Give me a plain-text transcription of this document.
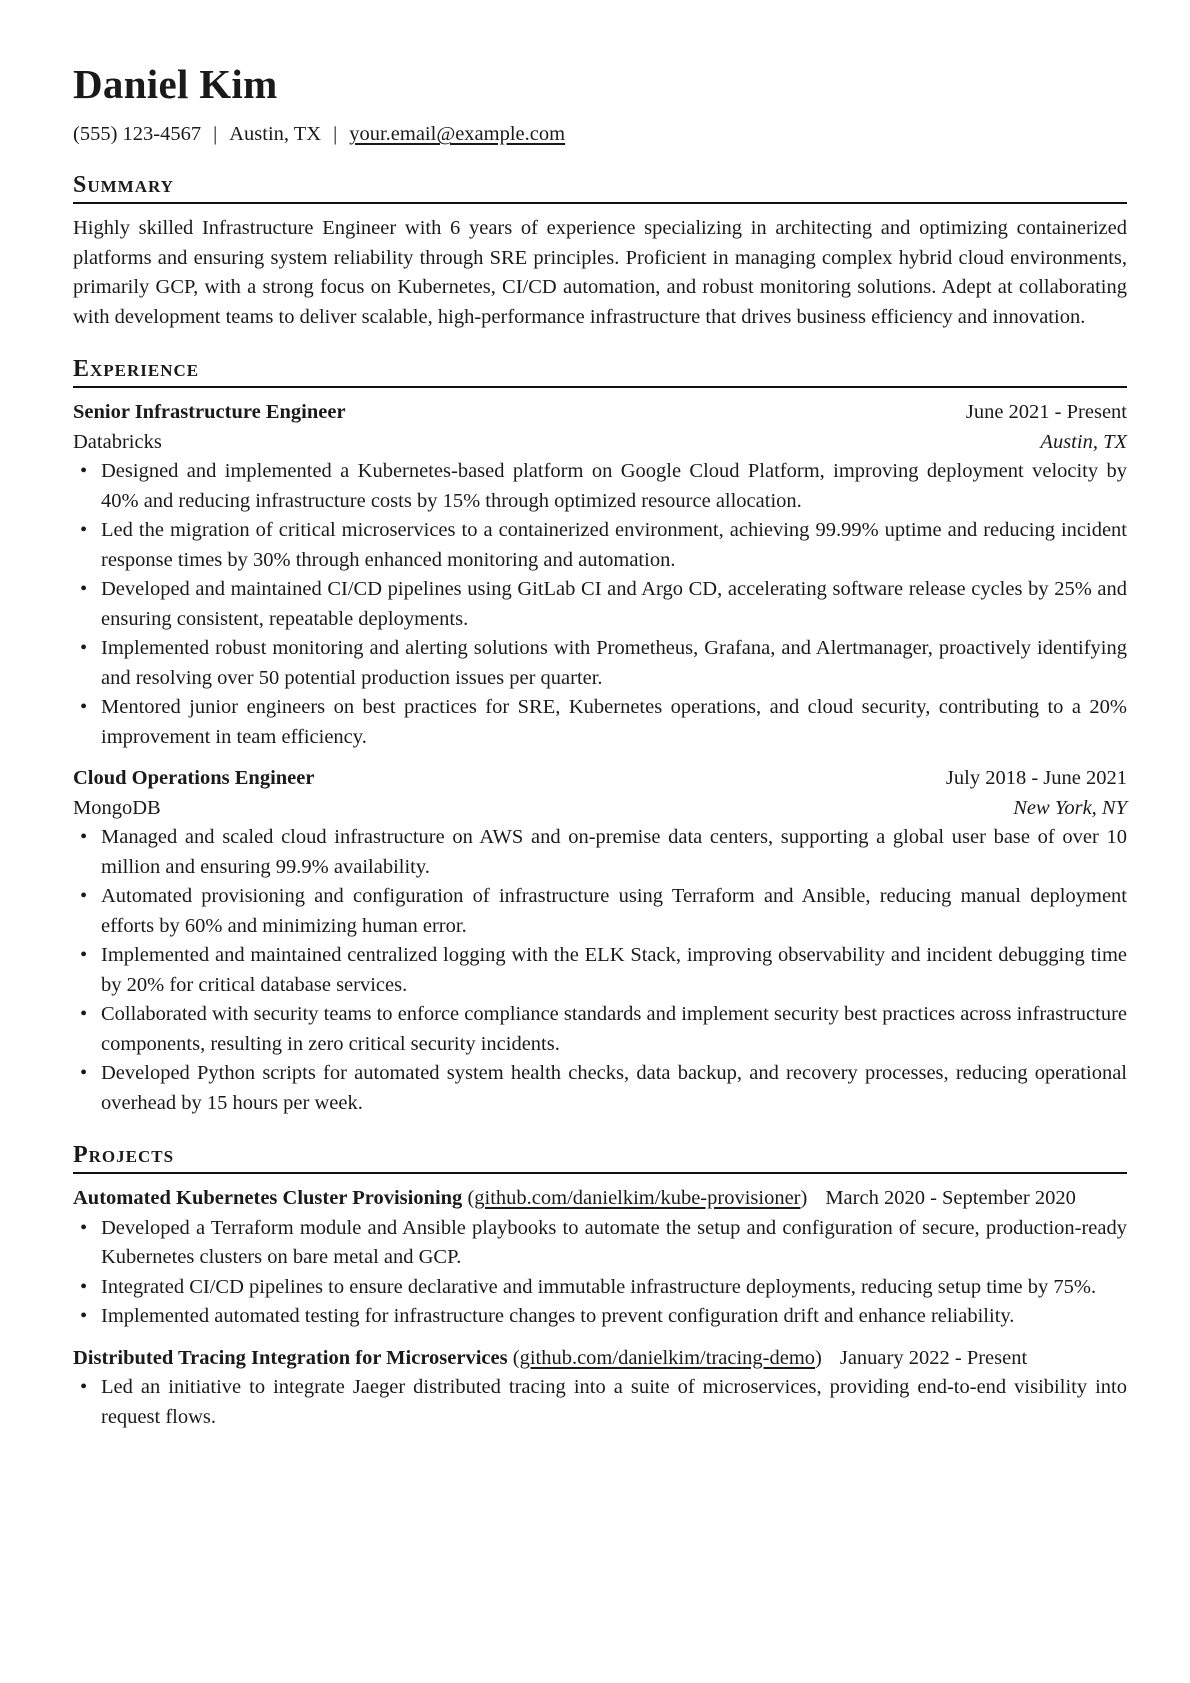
Daniel Kim
(555) 123-4567 | Austin, TX | your.email@example.com
Summary
Highly skilled Infrastructure Engineer with 6 years of experience specializing in architecting and optimizing containerized platforms and ensuring system reliability through SRE principles. Proficient in managing complex hybrid cloud environments, primarily GCP, with a strong focus on Kubernetes, CI/CD automation, and robust monitoring solutions. Adept at collaborating with development teams to deliver scalable, high-performance infrastructure that drives business efficiency and innovation.
Experience
Senior Infrastructure Engineer	June 2021 - Present
Databricks	Austin, TX
• Designed and implemented a Kubernetes-based platform on Google Cloud Platform, improving deployment velocity by 40% and reducing infrastructure costs by 15% through optimized resource allocation.
• Led the migration of critical microservices to a containerized environment, achieving 99.99% uptime and reducing incident response times by 30% through enhanced monitoring and automation.
• Developed and maintained CI/CD pipelines using GitLab CI and Argo CD, accelerating software release cycles by 25% and ensuring consistent, repeatable deployments.
• Implemented robust monitoring and alerting solutions with Prometheus, Grafana, and Alertmanager, proactively identifying and resolving over 50 potential production issues per quarter.
• Mentored junior engineers on best practices for SRE, Kubernetes operations, and cloud security, contributing to a 20% improvement in team efficiency.
Cloud Operations Engineer	July 2018 - June 2021
MongoDB	New York, NY
• Managed and scaled cloud infrastructure on AWS and on-premise data centers, supporting a global user base of over 10 million and ensuring 99.9% availability.
• Automated provisioning and configuration of infrastructure using Terraform and Ansible, reducing manual deployment efforts by 60% and minimizing human error.
• Implemented and maintained centralized logging with the ELK Stack, improving observability and incident debugging time by 20% for critical database services.
• Collaborated with security teams to enforce compliance standards and implement security best practices across infrastructure components, resulting in zero critical security incidents.
• Developed Python scripts for automated system health checks, data backup, and recovery processes, reducing operational overhead by 15 hours per week.
Projects
Automated Kubernetes Cluster Provisioning (github.com/danielkim/kube-provisioner) March 2020 - September 2020
• Developed a Terraform module and Ansible playbooks to automate the setup and configuration of secure, production-ready Kubernetes clusters on bare metal and GCP.
• Integrated CI/CD pipelines to ensure declarative and immutable infrastructure deployments, reducing setup time by 75%.
• Implemented automated testing for infrastructure changes to prevent configuration drift and enhance reliability.
Distributed Tracing Integration for Microservices (github.com/danielkim/tracing-demo) January 2022 - Present
• Led an initiative to integrate Jaeger distributed tracing into a suite of microservices, providing end-to-end visibility into request flows.
